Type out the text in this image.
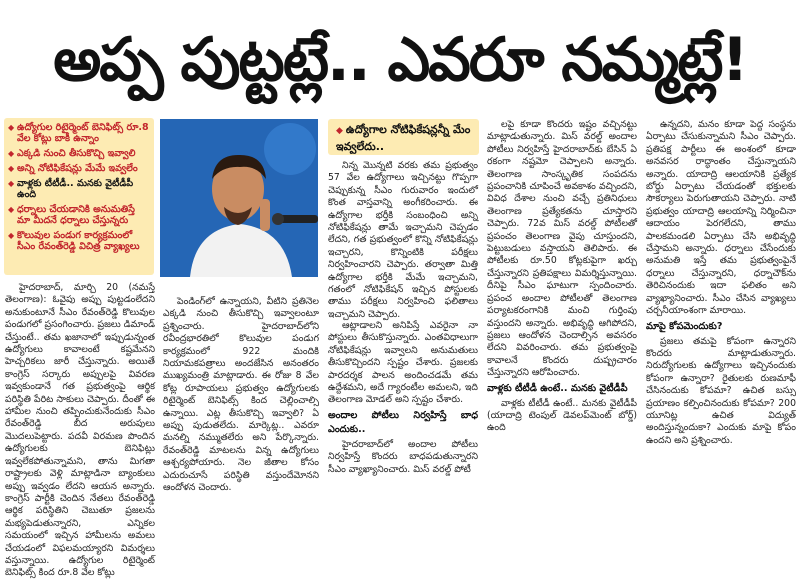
అప్ప పుట్టట్లే.. ఎవరూ నమ్మట్లే!
◆ ఉద్యోగుల రిటైర్మెంట్ బెనిఫిట్స్ రూ.8 వేల కోట్లు బాకీ ఉన్నాం
◆ ఎక్కడి నుంచి తీసుకొచ్చి ఇవ్వాలి
◆ అన్ని నోటిఫికేషన్లు మేమే ఇవ్వలేం
◆ వాళ్లకు టీటీడీ.. మనకు వైటీడీపీ ఉంది
◆ ధర్నాలు చేయడానికి అనుమతిస్తే మా మీదనే ధర్నాలు చేస్తున్నరు
◆ కొలువుల పండుగ కార్యక్రమంలో సీఎం రేవంత్‌రెడ్డి విచిత్ర వ్యాఖ్యలు
◆ ఉద్యోగాల నోటిఫికేషన్లన్నీ మేం ఇవ్వలేదు..

హైదరాబాద్, మార్చి 20 (నమస్తే తెలంగాణ): ఓవైపు అప్పు పుట్టడంలేదని అనుకుంటూనే సీఎం రేవంత్‌రెడ్డి కొలువుల పండుగలో ప్రసంగించారు. ప్రజలు డిమాండ్ చేస్తుంటే.. తమ ఖజానాలో ఇప్పుడున్నంత ఉద్యోగులు కావాలంటే కష్టమేనని హెచ్చరికలు జారీ చేస్తున్నారు. అయితే కాంగ్రెస్ సర్కారు అప్పులపై వివరణ ఇవ్వకుండానే గత ప్రభుత్వంపై ఆర్థిక పరిస్థితి పేరిట సాకులు చెప్పారు. దీంతో ఈ హామీల నుంచి తప్పించుకునేందుకు సీఎం రేవంత్‌రెడ్డి బీద అరుపులు మొదలుపెట్టారు. పదవీ విరమణ పొందిన ఉద్యోగులకు బెనిఫిట్లు ఇవ్వలేకపోతున్నామని, తాను మిగతా రాష్ట్రాలకు వెళ్లి మాట్లాడినా బ్యాంకులు అప్పు ఇవ్వడం లేదని ఆయన అన్నారు. కాంగ్రెస్ పార్టీకి చెందిన నేతలు రేవంత్‌రెడ్డి ఆర్థిక పరిస్థితిని చెబుతూ ప్రజలను మభ్యపెడుతున్నారని, ఎన్నికల సమయంలో ఇచ్చిన హామీలను అమలు చేయడంలో విఫలమయ్యారని విమర్శలు వస్తున్నాయి. ఉద్యోగుల రిటైర్మెంట్ బెనిఫిట్స్ కింద రూ.8 వేల కోట్లు

పెండింగ్‌లో ఉన్నాయని, వీటిని ప్రతినెల ఎక్కడి నుంచి తీసుకొచ్చి ఇవ్వాలంటూ ప్రశ్నించారు. హైదరాబాద్‌లోని రవీంద్రభారతిలో కొలువుల పండుగ కార్యక్రమంలో 922 మందికి నియామకపత్రాలు అందజేసిన అనంతరం ముఖ్యమంత్రి మాట్లాడారు. ఈ రోజు 8 వేల కోట్ల రూపాయలు ప్రభుత్వం ఉద్యోగులకు రిటైర్మెంట్ బెనిఫిట్స్ కింద చెల్లించాల్సి ఉన్నాయి. ఎట్ల తీసుకొచ్చి ఇవ్వాలి? ఏ అప్పు పుడుతలేదు. మార్కెట్ల.. ఎవరూ మనల్ని నమ్ముతలేరు అని పేర్కొన్నారు. రేవంత్‌రెడ్డి మాటలను విన్న ఉద్యోగులు ఆశ్చర్యపోయారు. నెల జీతాల కోసం ఎదురుచూసే పరిస్థితి వస్తుందేమోనని ఆందోళన చెందారు.

నిన్న మొన్నటి వరకు తమ ప్రభుత్వం 57 వేల ఉద్యోగాలు ఇచ్చినట్టు గొప్పగా చెప్పుకున్న సీఎం గురువారం ఇందులో కొంత వాస్తవాన్ని అంగీకరించారు. ఈ ఉద్యోగాల భర్తీకి సంబంధించి అన్ని నోటిఫికేషన్లు తామే ఇచ్చామని చెప్పడం లేదని, గత ప్రభుత్వంలో కొన్ని నోటిఫికేషన్లు ఇచ్చారని, కొన్నింటికి పరీక్షలు నిర్వహించారని చెప్పారు. తర్వాతా మిత్తి ఉద్యోగాల భర్తీకి మేమే ఇచ్చామని, గతంలో నోటిఫికేషన్ ఇచ్చిన పోస్టులకు తాము పరీక్షలు నిర్వహించి ఫలితాలు ఇచ్చామని చెప్పారు.

ఆట్లాడాలని అనిపిస్తే ఎవరైనా నా పోస్టులు తీసుకొస్తున్నారు. ఎంతవిధాలుగా నోటిఫికేషన్లు ఇవ్వాలని అనుమతులు తీసుకొచ్చిందని స్పష్టం చేశారు. ప్రజలకు పారదర్శక పాలన అందించడమే తమ ఉద్దేశమని, అదే గ్యారంటీల అమలని, ఇది తెలంగాణ మోడల్ అని స్పష్టం చేశారు.

అందాల పోటీలు నిర్వహిస్తే బాధ ఎందుకు..

హైదరాబాద్‌లో అందాల పోటీలు నిర్వహిస్తే కొందరు బాధపడుతున్నారని సీఎం వ్యాఖ్యానించారు. మిస్ వరల్డ్ పోటీ

లపై కూడా కొందరు ఇష్టం వచ్చినట్టు మాట్లాడుతున్నారు. మిస్ వరల్డ్ అందాల పోటీలు నిర్వహిస్తే హైదరాబాద్‌కు బేసిన్ ఏ రకంగా నష్టమో చెప్పాలని అన్నారు. తెలంగాణ సాంస్కృతిక సంపదను ప్రపంచానికి చూపించే అవకాశం వచ్చిందని, వివిధ దేశాల నుంచి వచ్చే ప్రతినిధులు తెలంగాణ ప్రత్యేకతను చూస్తారని చెప్పారు. 72వ మిస్ వరల్డ్ పోటీలతో ప్రపంచం తెలంగాణ వైపు చూస్తుందని, పెట్టుబడులు వస్తాయని తెలిపారు. ఈ పోటీలకు రూ.50 కోట్లకుపైగా ఖర్చు చేస్తున్నారని ప్రతిపక్షాలు విమర్శిస్తున్నాయి. దీనిపై సీఎం ఘాటుగా స్పందించారు. ప్రపంచ అందాల పోటీలతో తెలంగాణ పర్యాటకరంగానికి మంచి గుర్తింపు వస్తుందని అన్నారు. అభివృద్ధి ఆగిపోదని, ప్రజలు ఆందోళన చెందాల్సిన అవసరం లేదని వివరించారు. తమ ప్రభుత్వంపై కావాలనే కొందరు దుష్ప్రచారం చేస్తున్నారని ఆరోపించారు.

వాళ్లకు టీటీడీ ఉంటే.. మనకు వైటీడీపీ

వాళ్లకు టీటీడీ ఉంటే.. మనకు వైటీడీపీ (యాదాద్రి టెంపుల్ డెవలప్‌మెంట్ బోర్డ్) ఉంది

ఉన్నదని, మనం కూడా పెద్ద సంస్థను ఏర్పాటు చేసుకున్నామని సీఎం చెప్పారు. ప్రతిపక్ష పార్టీలు ఈ అంశంలో కూడా అనవసర రాద్ధాంతం చేస్తున్నాయని అన్నారు. యాదాద్రి ఆలయానికి ప్రత్యేక బోర్డు ఏర్పాటు చేయడంతో భక్తులకు సౌకర్యాలు పెరుగుతాయని చెప్పారు. నాటి ప్రభుత్వం యాదాద్రి ఆలయాన్ని నిర్మించినా ఆదాయం పెరగలేదని, తాము పాలకమండలి ఏర్పాటు చేసి అభివృద్ధి చేస్తామని అన్నారు. ధర్నాలు చేసేందుకు అనుమతి ఇస్తే తమ ప్రభుత్వంపైనే ధర్నాలు చేస్తున్నారని, ధర్నాచౌక్‌ను తెరిచినందుకు ఇదా ఫలితం అని వ్యాఖ్యానించారు. సీఎం చేసిన వ్యాఖ్యలు చర్చనీయాంశంగా మారాయి.

మాపై కోపమెందుకు?

ప్రజలు తమపై కోపంగా ఉన్నారని కొందరు మాట్లాడుతున్నారు. నిరుద్యోగులకు ఉద్యోగాలు ఇచ్చినందుకు కోపంగా ఉన్నారా? రైతులకు రుణమాఫీ చేసినందుకు కోపమా? ఉచిత బస్సు ప్రయాణం కల్పించినందుకు కోపమా? 200 యూనిట్ల ఉచిత విద్యుత్ అందిస్తున్నందుకా? ఎందుకు మాపై కోపం ఉందని అని ప్రశ్నించారు.
